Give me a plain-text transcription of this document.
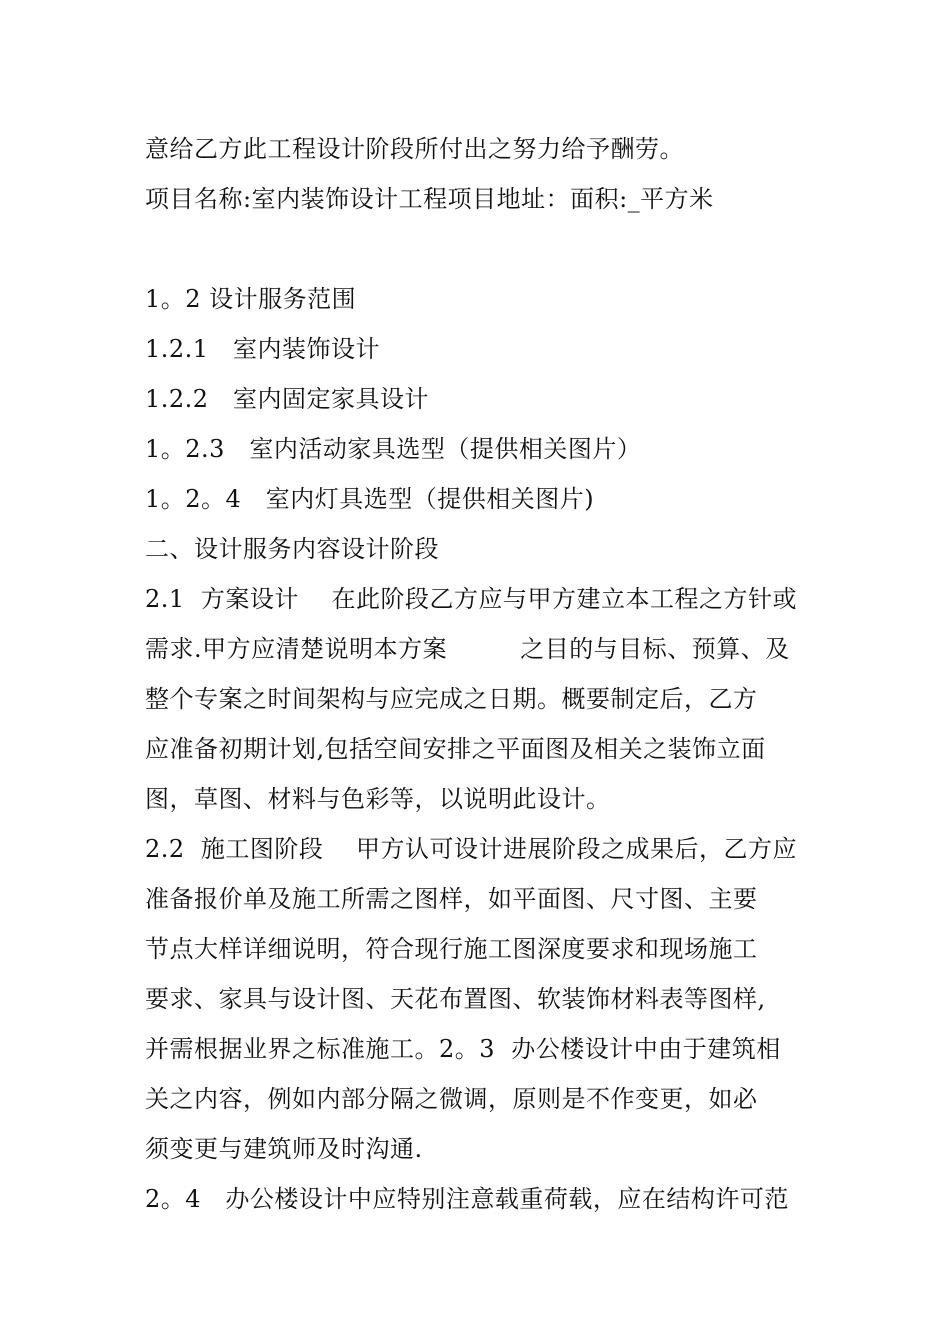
意给乙方此工程设计阶段所付出之努力给予酬劳。
项目名称:室内装饰设计工程项目地址：面积:_平方米
1。2 设计服务范围
1.2.1   室内装饰设计
1.2.2   室内固定家具设计
1。2.3   室内活动家具选型（提供相关图片）
1。2。4   室内灯具选型（提供相关图片)
二、设计服务内容设计阶段
2.1  方案设计    在此阶段乙方应与甲方建立本工程之方针或
需求.甲方应清楚说明本方案         之目的与目标、预算、及
整个专案之时间架构与应完成之日期。概要制定后，乙方
应准备初期计划,包括空间安排之平面图及相关之装饰立面
图，草图、材料与色彩等，以说明此设计。
2.2  施工图阶段    甲方认可设计进展阶段之成果后，乙方应
准备报价单及施工所需之图样，如平面图、尺寸图、主要
节点大样详细说明，符合现行施工图深度要求和现场施工
要求、家具与设计图、天花布置图、软装饰材料表等图样,
并需根据业界之标准施工。2。3  办公楼设计中由于建筑相
关之内容，例如内部分隔之微调，原则是不作变更，如必
须变更与建筑师及时沟通.
2。4   办公楼设计中应特别注意载重荷载，应在结构许可范
